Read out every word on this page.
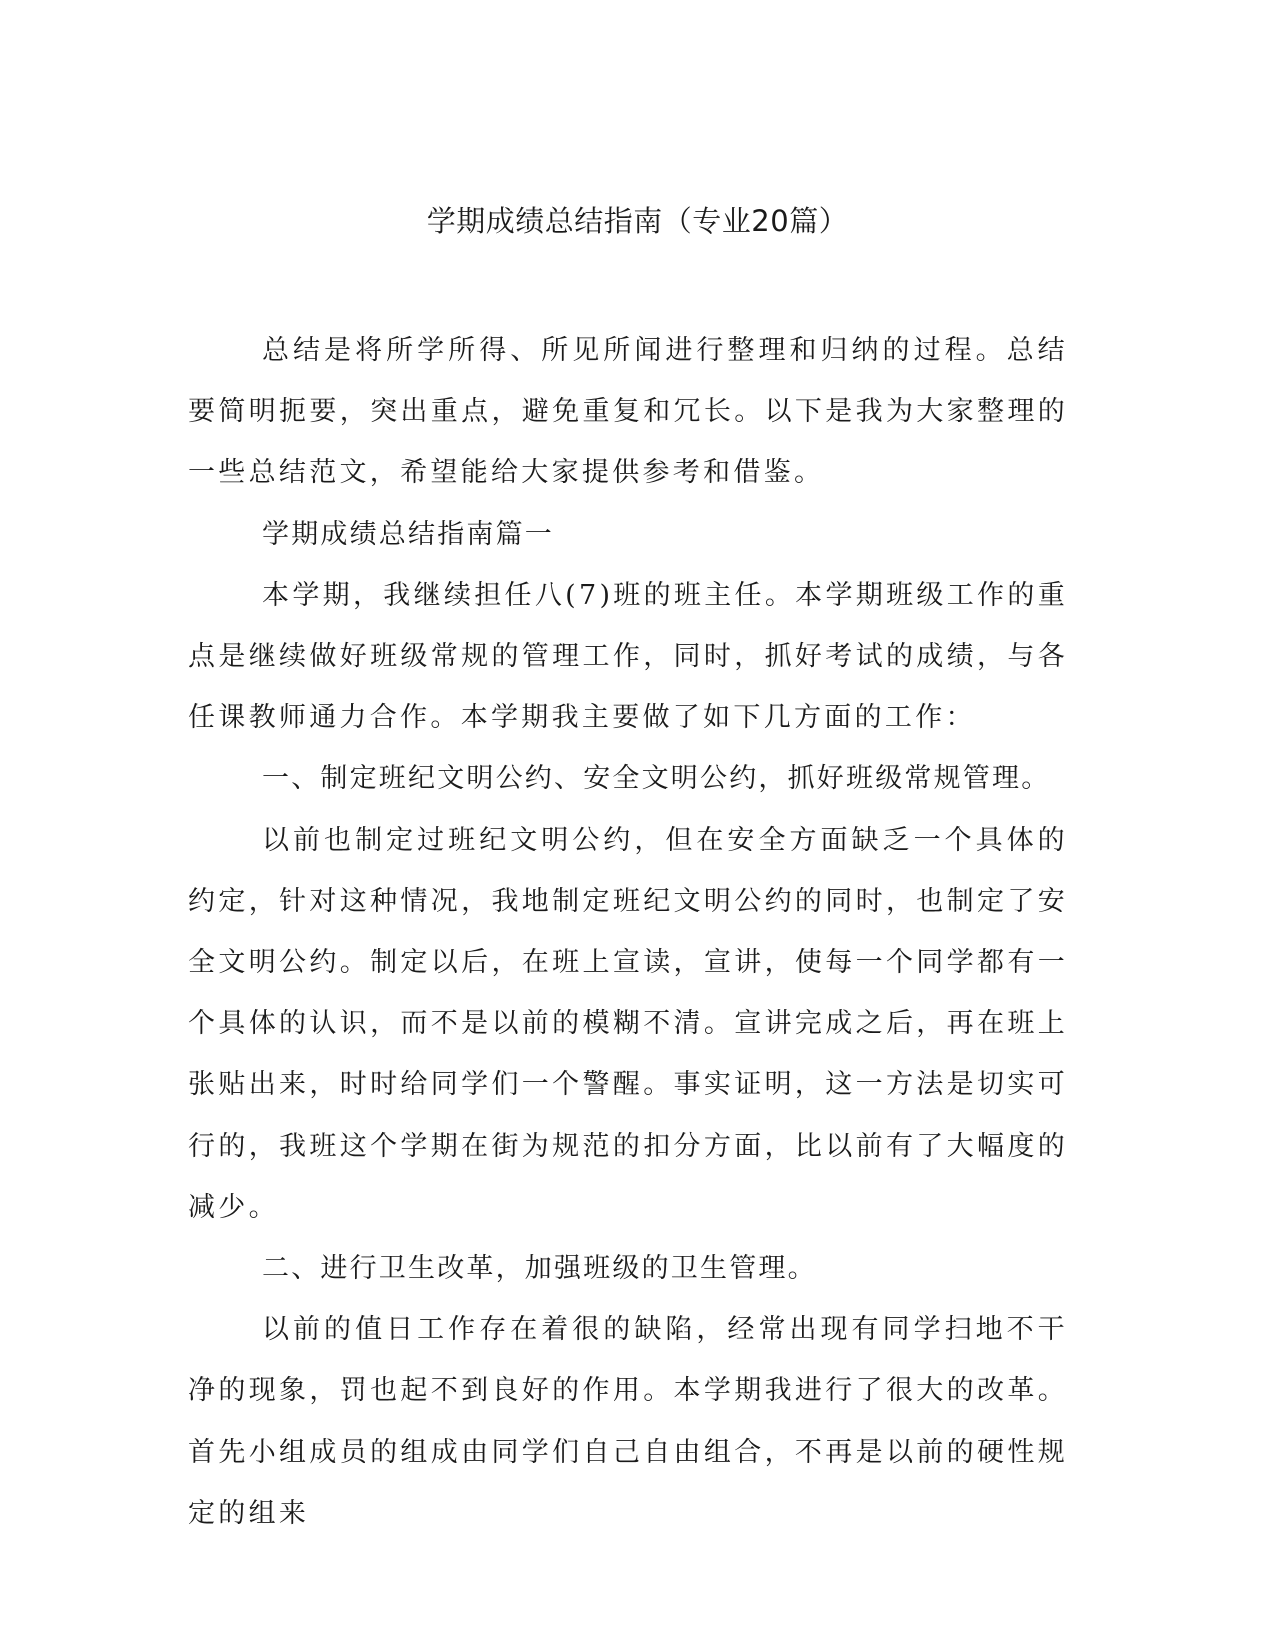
学期成绩总结指南（专业20篇）

总结是将所学所得、所见所闻进行整理和归纳的过程。总结要简明扼要，突出重点，避免重复和冗长。以下是我为大家整理的一些总结范文，希望能给大家提供参考和借鉴。

学期成绩总结指南篇一

本学期，我继续担任八(7)班的班主任。本学期班级工作的重点是继续做好班级常规的管理工作，同时，抓好考试的成绩，与各任课教师通力合作。本学期我主要做了如下几方面的工作：

一、制定班纪文明公约、安全文明公约，抓好班级常规管理。

以前也制定过班纪文明公约，但在安全方面缺乏一个具体的约定，针对这种情况，我地制定班纪文明公约的同时，也制定了安全文明公约。制定以后，在班上宣读，宣讲，使每一个同学都有一个具体的认识，而不是以前的模糊不清。宣讲完成之后，再在班上张贴出来，时时给同学们一个警醒。事实证明，这一方法是切实可行的，我班这个学期在街为规范的扣分方面，比以前有了大幅度的减少。

二、进行卫生改革，加强班级的卫生管理。

以前的值日工作存在着很的缺陷，经常出现有同学扫地不干净的现象，罚也起不到良好的作用。本学期我进行了很大的改革。首先小组成员的组成由同学们自己自由组合，不再是以前的硬性规定的组来
